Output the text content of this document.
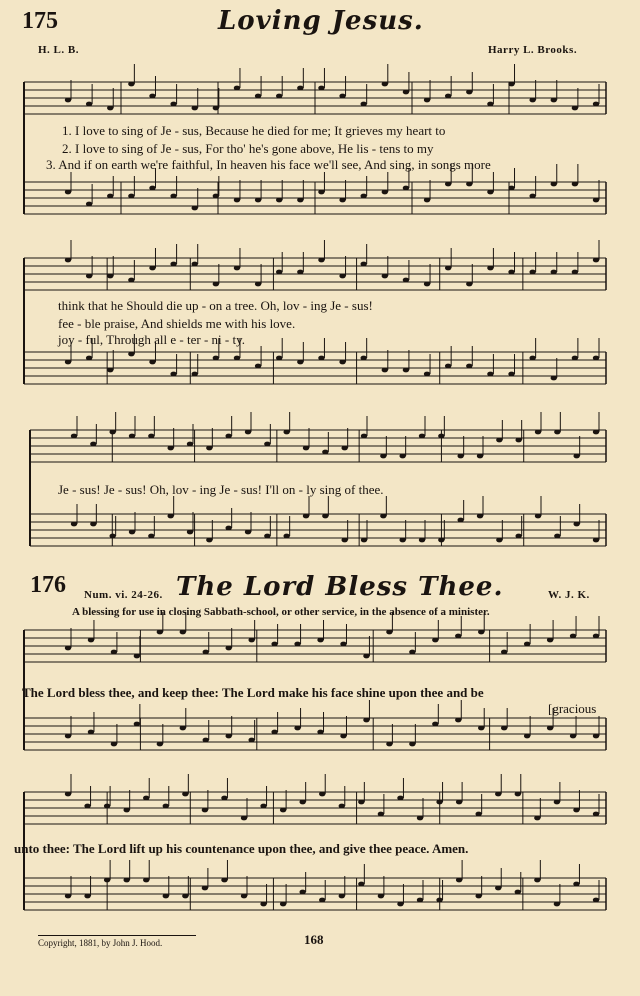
175	Loving Jesus.
H. L. B.	Harry L. Brooks.
1. I love to sing of Je - sus, Because he died for me; It grieves my heart to
2. I love to sing of Je - sus, For tho' he's gone above, He lis - tens to my
3. And if on earth we're faithful, In heaven his face we'll see, And sing, in songs more
think that he Should die up - on a tree. Oh, lov - ing Je - sus!
fee - ble praise, And shields me with his love.
joy - ful, Through all e - ter - ni - ty.
Je - sus! Je - sus! Oh, lov - ing Je - sus! I'll on - ly sing of thee.
176 Num. vi. 24-26. The Lord Bless Thee.	W. J. K.
A blessing for use in closing Sabbath-school, or other service, in the absence of a minister.
The Lord bless thee, and keep thee: The Lord make his face shine upon thee and be
[gracious
unto thee: The Lord lift up his countenance upon thee, and give thee peace. Amen.
Copyright, 1881, by John J. Hood.	168
